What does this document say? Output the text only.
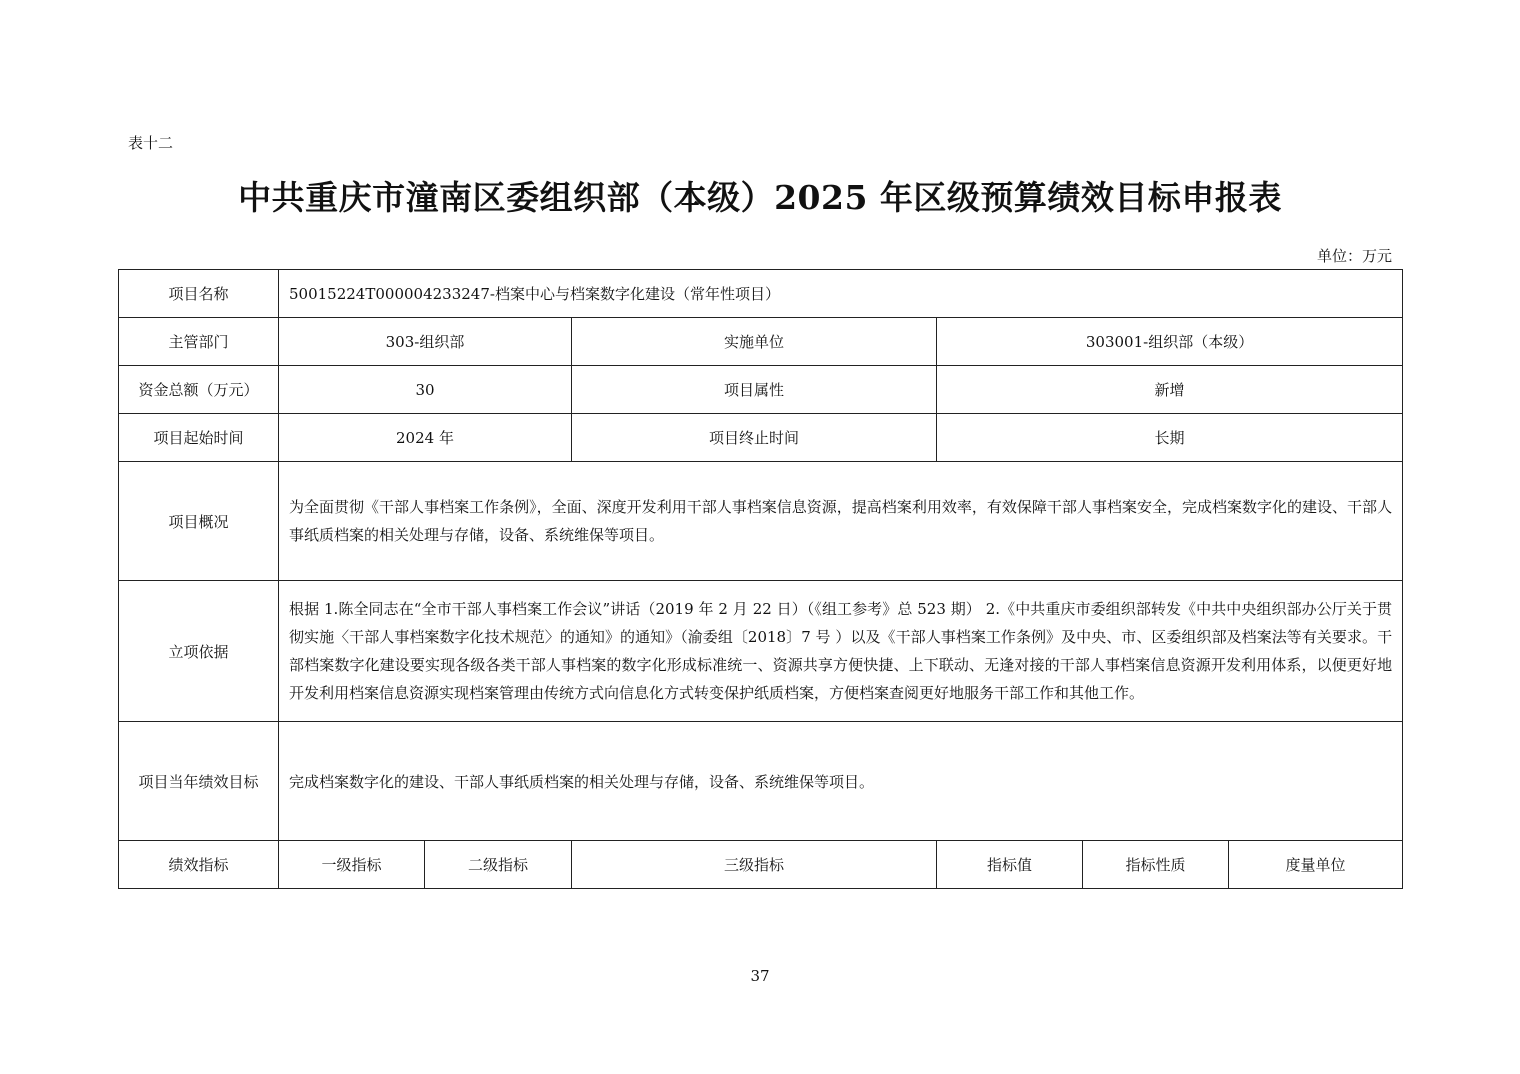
表十二
中共重庆市潼南区委组织部（本级）2025 年区级预算绩效目标申报表
单位：万元
项目名称	50015224T000004233247-档案中心与档案数字化建设（常年性项目）						
主管部门	303-组织部		实施单位	303001-组织部（本级）			
资金总额（万元）	30		项目属性	新增			
项目起始时间	2024 年		项目终止时间	长期			
项目概况	为全面贯彻《干部人事档案工作条例》，全面、深度开发利用干部人事档案信息资源，提高档案利用效率，有效保障干部人事档案安全，完成档案数字化的建设、干部人事纸质档案的相关处理与存储，设备、系统维保等项目。						

立项依据	根据 1.陈全同志在“全市干部人事档案工作会议”讲话（2019 年 2 月 22 日）（《组工参考》总 523 期） 2.《中共重庆市委组织部转发《中共中央组织部办公厅关于贯彻实施〈干部人事档案数字化技术规范〉的通知》的通知》（渝委组〔2018〕7 号 ）以及《干部人事档案工作条例》及中央、市、区委组织部及档案法等有关要求。干部档案数字化建设要实现各级各类干部人事档案的数字化形成标准统一、资源共享方便快捷、上下联动、无逢对接的干部人事档案信息资源开发利用体系，以便更好地开发利用档案信息资源实现档案管理由传统方式向信息化方式转变保护纸质档案，方便档案查阅更好地服务干部工作和其他工作。						

项目当年绩效目标	完成档案数字化的建设、干部人事纸质档案的相关处理与存储，设备、系统维保等项目。						
绩效指标	一级指标	二级指标	三级指标	指标值	指标性质	度量单位	
37
